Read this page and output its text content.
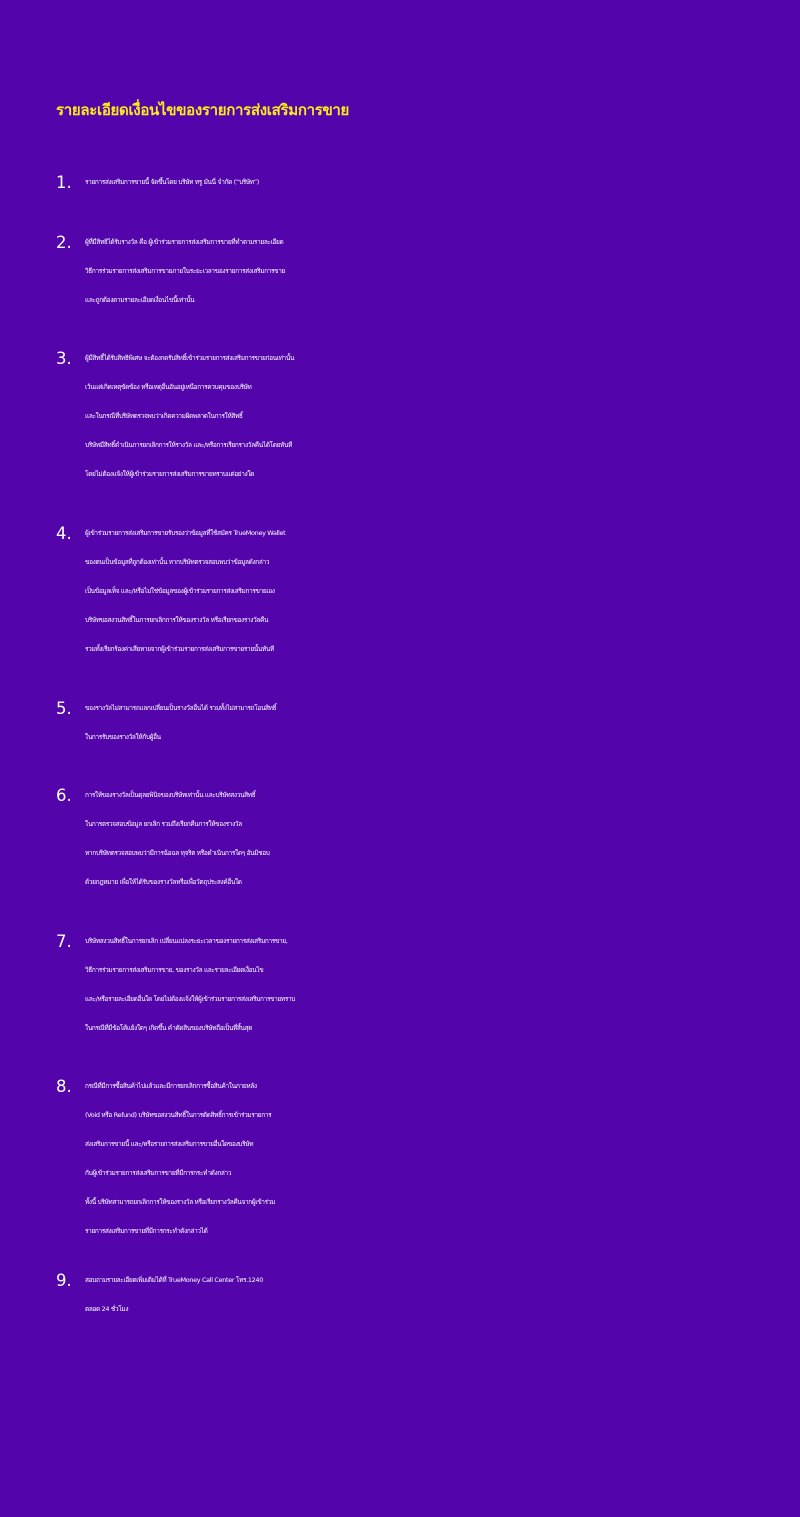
รายละเอียดเงื่อนไขของรายการส่งเสริมการขาย
1. รายการส่งเสริมการขายนี้ จัดขึ้นโดย บริษัท ทรู มันนี่ จำกัด (“บริษัท”)
2. ผู้ที่มีสิทธิได้รับรางวัล คือ ผู้เข้าร่วมรายการส่งเสริมการขายที่ทำตามรายละเอียด
วิธีการร่วมรายการส่งเสริมการขายภายในระยะเวลาของรายการส่งเสริมการขาย
และถูกต้องตามรายละเอียดเงื่อนไขนี้เท่านั้น
3. ผู้มีสิทธิ์ได้รับสิทธิพิเศษ จะต้องกดรับสิทธิ์เข้าร่วมรายการส่งเสริมการขายก่อนเท่านั้น
เว้นแต่เกิดเหตุขัดข้อง หรือเหตุอื่นอันอยู่เหนือการควบคุมของบริษัท
และในกรณีที่บริษัทตรวจพบว่าเกิดความผิดพลาดในการให้สิทธิ์
บริษัทมีสิทธิ์ดำเนินการยกเลิกการให้รางวัล และ/หรือการเรียกรางวัลคืนได้โดยทันที
โดยไม่ต้องแจ้งให้ผู้เข้าร่วมรายการส่งเสริมการขายทราบแต่อย่างใด
4. ผู้เข้าร่วมรายการส่งเสริมการขายรับรองว่าข้อมูลที่ใช้สมัคร TrueMoney Wallet
ของตนเป็นข้อมูลที่ถูกต้องเท่านั้น หากบริษัทตรวจสอบพบว่าข้อมูลดังกล่าว
เป็นข้อมูลเท็จ และ/หรือไม่ใช่ข้อมูลของผู้เข้าร่วมรายการส่งเสริมการขายเอง
บริษัทขอสงวนสิทธิ์ในการยกเลิกการให้ของรางวัล หรือเรียกของรางวัลคืน
รวมทั้งเรียกร้องค่าเสียหายจากผู้เข้าร่วมรายการส่งเสริมการขายรายนั้นทันที
5. ของรางวัลไม่สามารถแลกเปลี่ยนเป็นรางวัลอื่นได้ รวมทั้งไม่สามารถโอนสิทธิ์
ในการรับของรางวัลให้กับผู้อื่น
6. การให้ของรางวัลเป็นดุลยพินิจของบริษัทเท่านั้น และบริษัทสงวนสิทธิ์
ในการตรวจสอบข้อมูล ยกเลิก รวมถึงเรียกคืนการให้ของรางวัล
หากบริษัทตรวจสอบพบว่ามีการฉ้อฉล ทุจริต หรือดำเนินการใดๆ อันมิชอบ
ด้วยกฎหมาย เพื่อให้ได้รับของรางวัลหรือเพื่อวัตถุประสงค์อื่นใด
7. บริษัทสงวนสิทธิ์ในการยกเลิก เปลี่ยนแปลงระยะเวลาของรายการส่งเสริมการขาย,
วิธีการร่วมรายการส่งเสริมการขาย, ของรางวัล และรายละเอียดเงื่อนไข
และ/หรือรายละเอียดอื่นใด โดยไม่ต้องแจ้งให้ผู้เข้าร่วมรายการส่งเสริมการขายทราบ
ในกรณีที่มีข้อโต้แย้งใดๆ เกิดขึ้น คำตัดสินของบริษัทถือเป็นที่สิ้นสุด
8. กรณีที่มีการซื้อสินค้าไปแล้วและมีการยกเลิกการซื้อสินค้าในภายหลัง
(Void หรือ Refund) บริษัทขอสงวนสิทธิ์ในการตัดสิทธิ์การเข้าร่วมรายการ
ส่งเสริมการขายนี้ และ/หรือรายการส่งเสริมการขายอื่นใดของบริษัท
กับผู้เข้าร่วมรายการส่งเสริมการขายที่มีการกระทำดังกล่าว
ทั้งนี้ บริษัทสามารถยกเลิกการให้ของรางวัล หรือเรียกรางวัลคืนจากผู้เข้าร่วม
รายการส่งเสริมการขายที่มีการกระทำดังกล่าวได้
9. สอบถามรายละเอียดเพิ่มเติมได้ที่ TrueMoney Call Center โทร.1240
ตลอด 24 ชั่วโมง
